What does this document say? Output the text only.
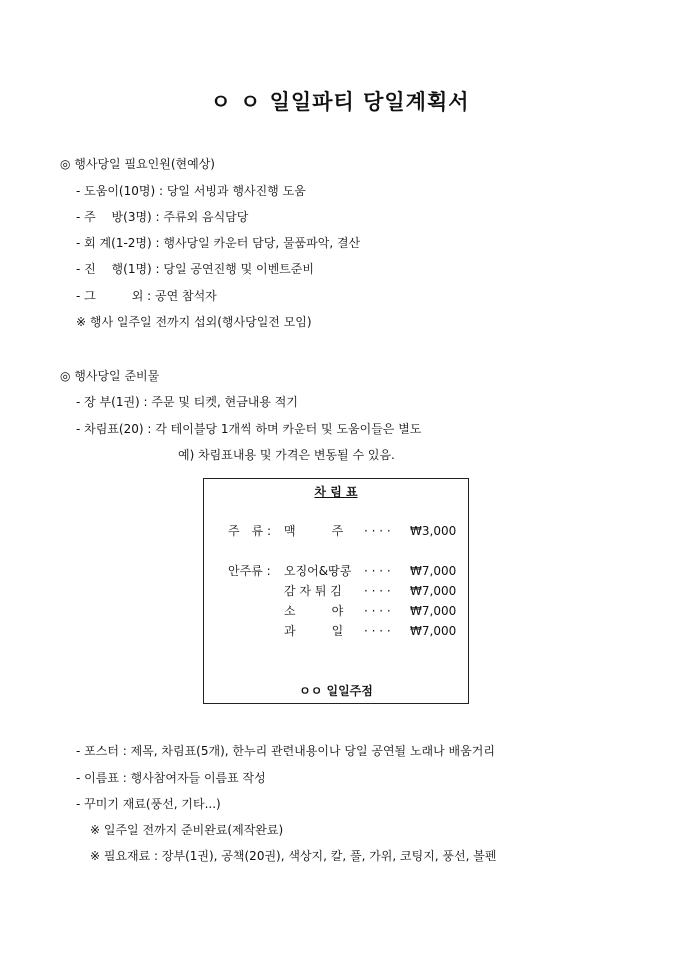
ㅇ ㅇ 일일파티 당일계획서
◎ 행사당일 필요인원(현예상)
- 도움이(10명) : 당일 서빙과 행사진행 도움
- 주　 방(3명) : 주류외 음식담당
- 회 계(1-2명) : 행사당일 카운터 담당, 물품파악, 결산
- 진　 행(1명) : 당일 공연진행 및 이벤트준비
- 그　　　외 : 공연 참석자
※ 행사 일주일 전까지 섭외(행사당일전 모임)
◎ 행사당일 준비물
- 장 부(1권) : 주문 및 티켓, 현금내용 적기
- 차림표(20) : 각 테이블당 1개씩 하며 카운터 및 도움이들은 별도
예) 차림표내용 및 가격은 변동될 수 있음.
차 림 표
주　류 : 맥　　　주 · · · · ₩3,000
안주류 : 오징어&땅콩 · · · · ₩7,000
감 자 튀 김 · · · · ₩7,000
소　　　야 · · · · ₩7,000
과　　　일 · · · · ₩7,000
ㅇㅇ 일일주점
- 포스터 : 제목, 차림표(5개), 한누리 관련내용이나 당일 공연될 노래나 배움거리
- 이름표 : 행사참여자들 이름표 작성
- 꾸미기 재료(풍선, 기타...)
※ 일주일 전까지 준비완료(제작완료)
※ 필요재료 : 장부(1권), 공책(20권), 색상지, 칼, 풀, 가위, 코팅지, 풍선, 볼펜
